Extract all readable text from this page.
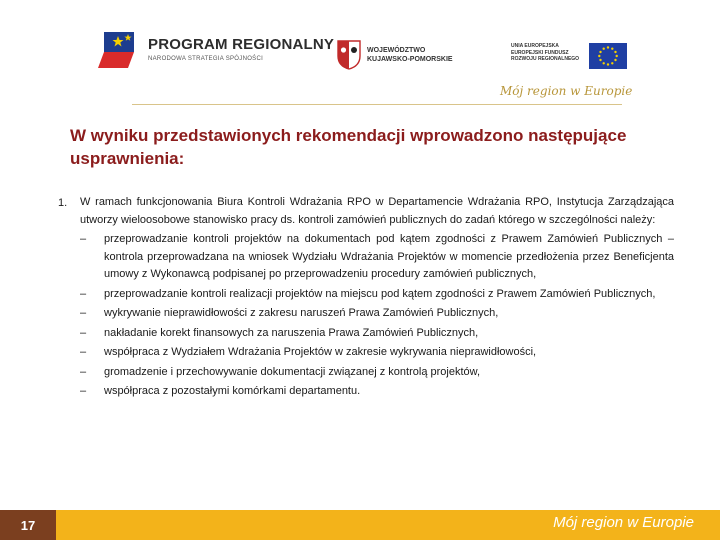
PROGRAM REGIONALNY
NARODOWA STRATEGIA SPÓJNOŚCI
WOJEWÓDZTWO
KUJAWSKO-POMORSKIE
UNIA EUROPEJSKA
EUROPEJSKI FUNDUSZ
ROZWOJU REGIONALNEGO
Mój region w Europie
W wyniku przedstawionych rekomendacji wprowadzono następujące usprawnienia:
1.	W ramach funkcjonowania Biura Kontroli Wdrażania RPO w Departamencie Wdrażania RPO, Instytucja Zarządzająca utworzy wieloosobowe stanowisko pracy ds. kontroli zamówień publicznych do zadań którego w szczególności należy:
–	przeprowadzanie kontroli projektów na dokumentach pod kątem zgodności z Prawem Zamówień Publicznych – kontrola przeprowadzana na wniosek Wydziału Wdrażania Projektów w momencie przedłożenia przez Beneficjenta umowy z Wykonawcą podpisanej po przeprowadzeniu procedury zamówień publicznych,
–	przeprowadzanie kontroli realizacji projektów na miejscu pod kątem zgodności z Prawem Zamówień Publicznych,
–	wykrywanie nieprawidłowości z zakresu naruszeń Prawa Zamówień Publicznych,
–	nakładanie korekt finansowych za naruszenia Prawa Zamówień Publicznych,
–	współpraca z Wydziałem Wdrażania Projektów w zakresie wykrywania nieprawidłowości,
–	gromadzenie i przechowywanie dokumentacji związanej z kontrolą projektów,
–	współpraca z pozostałymi komórkami departamentu.
17	Mój region w Europie
